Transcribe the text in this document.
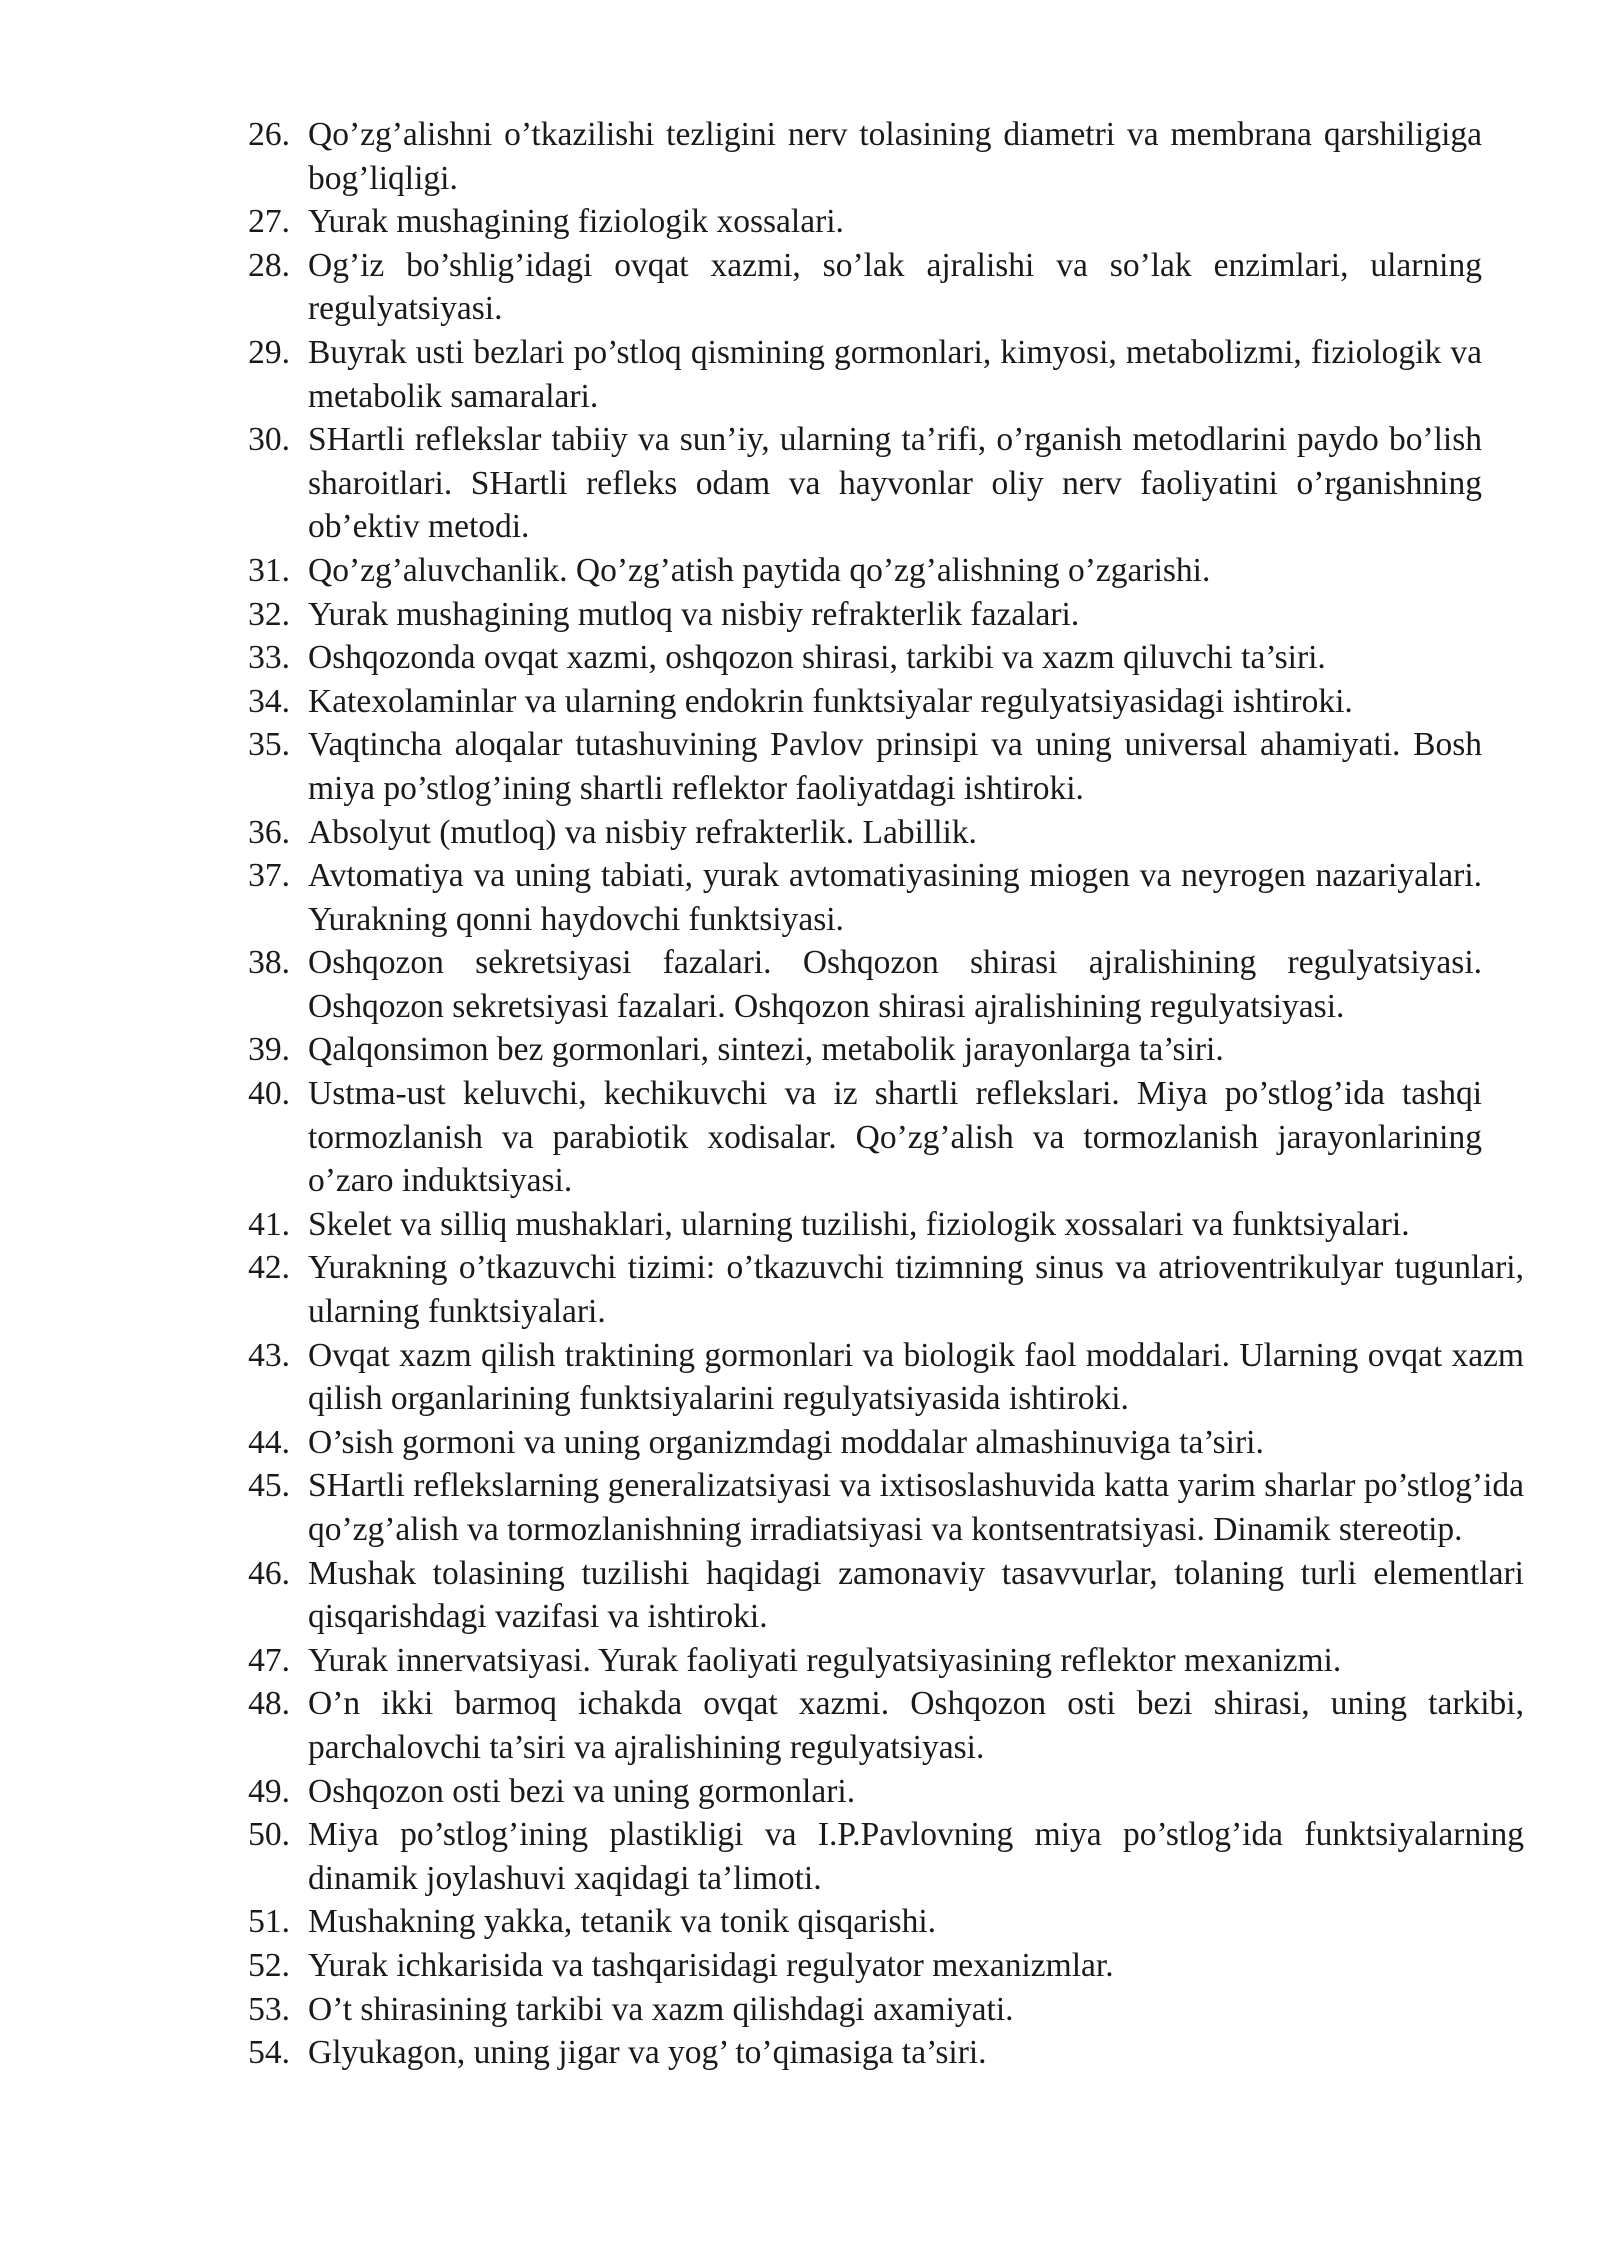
26. Qo’zg’alishni o’tkazilishi tezligini nerv tolasining diametri va membrana qarshiligiga bog’liqligi.
27. Yurak mushagining fiziologik xossalari.
28. Og’iz bo’shlig’idagi ovqat xazmi, so’lak ajralishi va so’lak enzimlari, ularning regulyatsiyasi.
29. Buyrak usti bezlari po’stloq qismining gormonlari, kimyosi, metabolizmi, fiziologik va metabolik samaralari.
30. SHartli reflekslar tabiiy va sun’iy, ularning ta’rifi, o’rganish metodlarini paydo bo’lish sharoitlari. SHartli refleks odam va hayvonlar oliy nerv faoliyatini o’rganishning ob’ektiv metodi.
31. Qo’zg’aluvchanlik. Qo’zg’atish paytida qo’zg’alishning o’zgarishi.
32. Yurak mushagining mutloq va nisbiy refrakterlik fazalari.
33. Oshqozonda ovqat xazmi, oshqozon shirasi, tarkibi va xazm qiluvchi ta’siri.
34. Katexolaminlar va ularning endokrin funktsiyalar regulyatsiyasidagi ishtiroki.
35. Vaqtincha aloqalar tutashuvining Pavlov prinsipi va uning universal ahamiyati. Bosh miya po’stlog’ining shartli reflektor faoliyatdagi ishtiroki.
36. Absolyut (mutloq) va nisbiy refrakterlik. Labillik.
37. Avtomatiya va uning tabiati, yurak avtomatiyasining miogen va neyrogen nazariyalari. Yurakning qonni haydovchi funktsiyasi.
38. Oshqozon sekretsiyasi fazalari. Oshqozon shirasi ajralishining regulyatsiyasi. Oshqozon sekretsiyasi fazalari. Oshqozon shirasi ajralishining regulyatsiyasi.
39. Qalqonsimon bez gormonlari, sintezi, metabolik jarayonlarga ta’siri.
40. Ustma-ust keluvchi, kechikuvchi va iz shartli reflekslari. Miya po’stlog’ida tashqi tormozlanish va parabiotik xodisalar. Qo’zg’alish va tormozlanish jarayonlarining o’zaro induktsiyasi.
41. Skelet va silliq mushaklari, ularning tuzilishi, fiziologik xossalari va funktsiyalari.
42. Yurakning o’tkazuvchi tizimi: o’tkazuvchi tizimning sinus va atrioventrikulyar tugunlari, ularning funktsiyalari.
43. Ovqat xazm qilish traktining gormonlari va biologik faol moddalari. Ularning ovqat xazm qilish organlarining funktsiyalarini regulyatsiyasida ishtiroki.
44. O’sish gormoni va uning organizmdagi moddalar almashinuviga ta’siri.
45. SHartli reflekslarning generalizatsiyasi va ixtisoslashuvida katta yarim sharlar po’stlog’ida qo’zg’alish va tormozlanishning irradiatsiyasi va kontsentratsiyasi. Dinamik stereotip.
46. Mushak tolasining tuzilishi haqidagi zamonaviy tasavvurlar, tolaning turli elementlari qisqarishdagi vazifasi va ishtiroki.
47. Yurak innervatsiyasi. Yurak faoliyati regulyatsiyasining reflektor mexanizmi.
48. O’n ikki barmoq ichakda ovqat xazmi. Oshqozon osti bezi shirasi, uning tarkibi, parchalovchi ta’siri va ajralishining regulyatsiyasi.
49. Oshqozon osti bezi va uning gormonlari.
50. Miya po’stlog’ining plastikligi va I.P.Pavlovning miya po’stlog’ida funktsiyalarning dinamik joylashuvi xaqidagi ta’limoti.
51. Mushakning yakka, tetanik va tonik qisqarishi.
52. Yurak ichkarisida va tashqarisidagi regulyator mexanizmlar.
53. O’t shirasining tarkibi va xazm qilishdagi axamiyati.
54. Glyukagon, uning jigar va yog’ to’qimasiga ta’siri.
